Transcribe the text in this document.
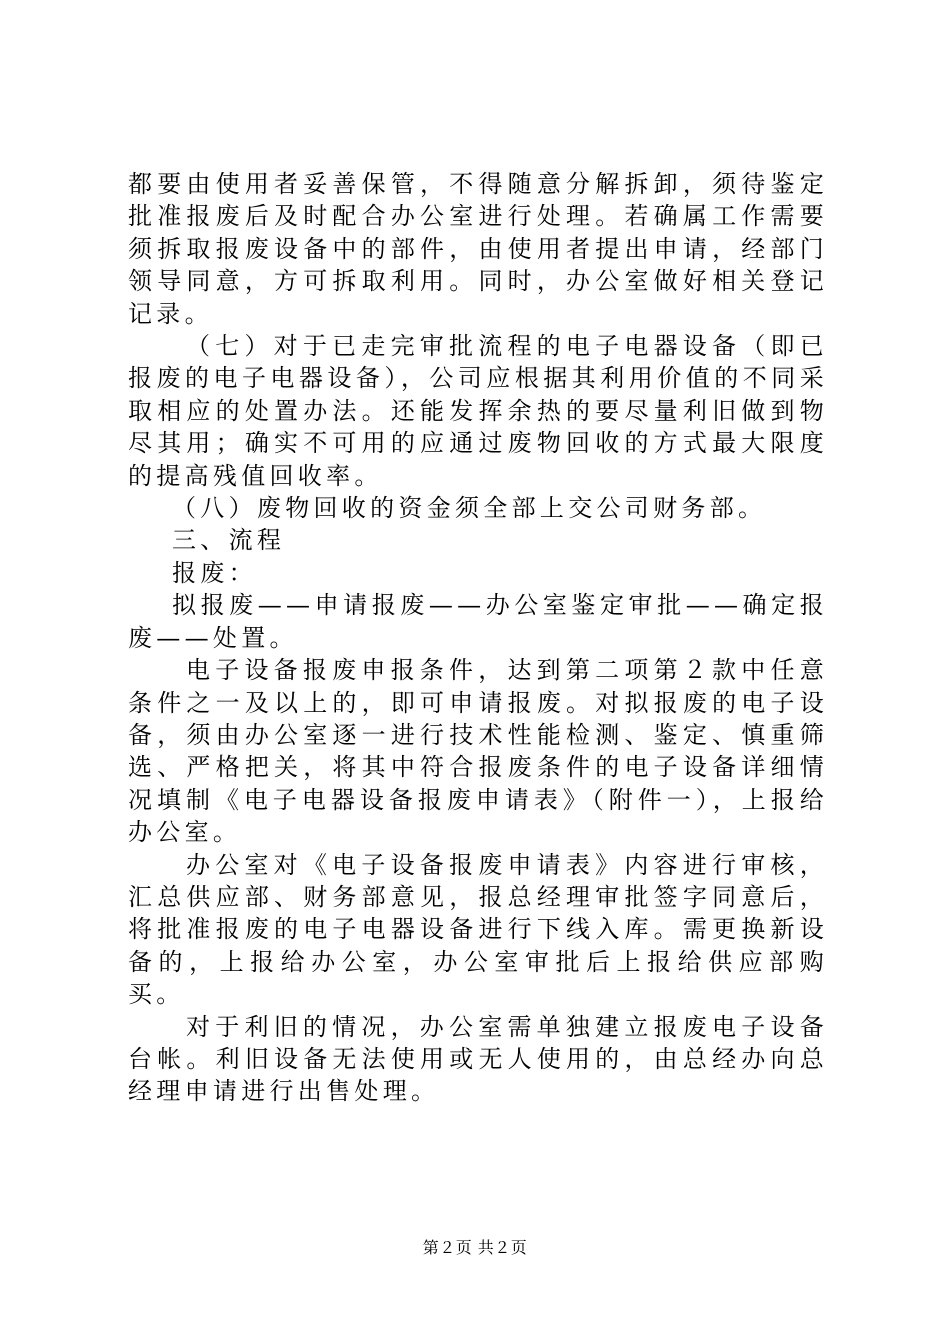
都要由使用者妥善保管，不得随意分解拆卸，须待鉴定批准报废后及时配合办公室进行处理。若确属工作需要须拆取报废设备中的部件，由使用者提出申请，经部门领导同意，方可拆取利用。同时，办公室做好相关登记记录。

（七）对于已走完审批流程的电子电器设备（即已报废的电子电器设备），公司应根据其利用价值的不同采取相应的处置办法。还能发挥余热的要尽量利旧做到物尽其用；确实不可用的应通过废物回收的方式最大限度的提高残值回收率。

（八）废物回收的资金须全部上交公司财务部。

三、流程

报废：

拟报废——申请报废——办公室鉴定审批——确定报废——处置。

电子设备报废申报条件，达到第二项第２款中任意条件之一及以上的，即可申请报废。对拟报废的电子设备，须由办公室逐一进行技术性能检测、鉴定、慎重筛选、严格把关，将其中符合报废条件的电子设备详细情况填制《电子电器设备报废申请表》（附件一），上报给办公室。

办公室对《电子设备报废申请表》内容进行审核，汇总供应部、财务部意见，报总经理审批签字同意后，将批准报废的电子电器设备进行下线入库。需更换新设备的，上报给办公室，办公室审批后上报给供应部购买。

对于利旧的情况，办公室需单独建立报废电子设备台帐。利旧设备无法使用或无人使用的，由总经办向总经理申请进行出售处理。

第２页 共２页
